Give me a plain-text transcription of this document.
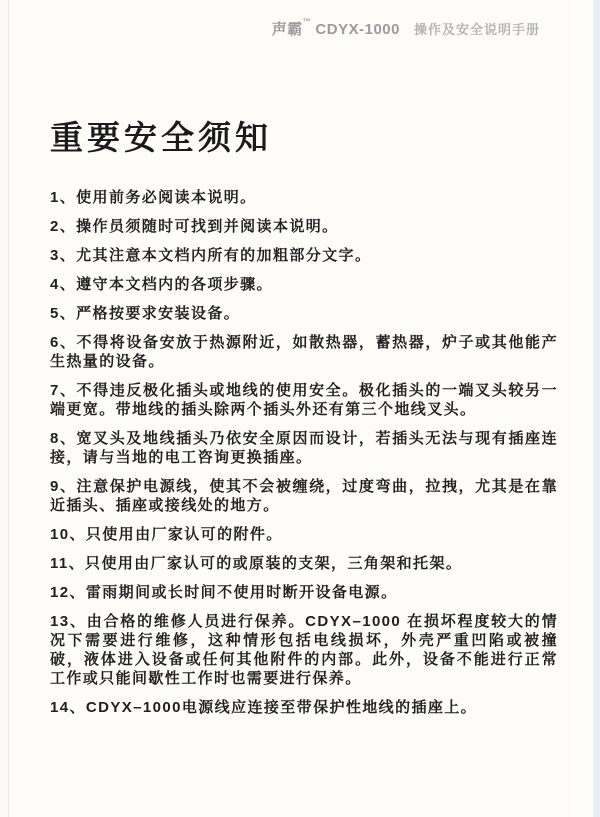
声霸™ CDYX-1000 操作及安全说明手册
重要安全须知

1、使用前务必阅读本说明。

2、操作员须随时可找到并阅读本说明。

3、尤其注意本文档内所有的加粗部分文字。

4、遵守本文档内的各项步骤。

5、严格按要求安装设备。

6、不得将设备安放于热源附近，如散热器，蓄热器，炉子或其他能产生热量的设备。

7、不得违反极化插头或地线的使用安全。极化插头的一端叉头较另一端更宽。带地线的插头除两个插头外还有第三个地线叉头。

8、宽叉头及地线插头乃依安全原因而设计，若插头无法与现有插座连接，请与当地的电工咨询更换插座。

9、注意保护电源线，使其不会被缠绕，过度弯曲，拉拽，尤其是在靠近插头、插座或接线处的地方。

10、只使用由厂家认可的附件。

11、只使用由厂家认可的或原装的支架，三角架和托架。

12、雷雨期间或长时间不使用时断开设备电源。

13、由合格的维修人员进行保养。CDYX–1000 在损坏程度较大的情况下需要进行维修，这种情形包括电线损坏，外壳严重凹陷或被撞破，液体进入设备或任何其他附件的内部。此外，设备不能进行正常工作或只能间歇性工作时也需要进行保养。

14、CDYX–1000电源线应连接至带保护性地线的插座上。
